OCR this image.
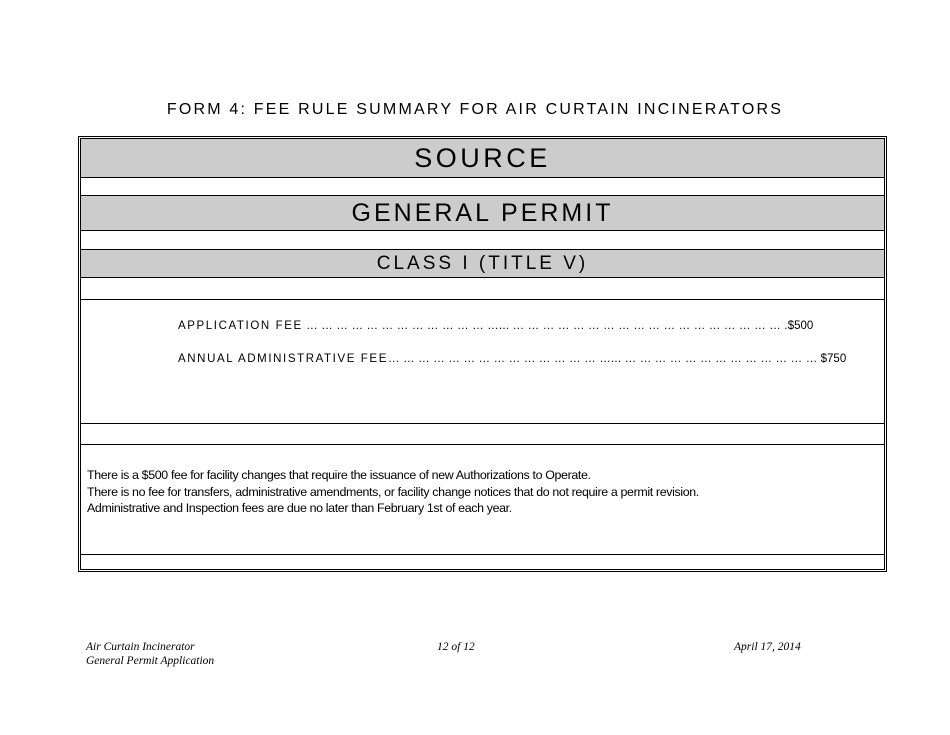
FORM 4: FEE RULE SUMMARY FOR AIR CURTAIN INCINERATORS
SOURCE
GENERAL PERMIT
CLASS I (TITLE V)
APPLICATION FEE … … … … … … … … … … … … …... … … … … … … … … … … … … … … … … … … .$500
ANNUAL ADMINISTRATIVE FEE… … … … … … … … … … … … … … …... … … … … … … … … … … … … … $750
There is a $500 fee for facility changes that require the issuance of new Authorizations to Operate.
There is no fee for transfers, administrative amendments, or facility change notices that do not require a permit revision.
Administrative and Inspection fees are due no later than February 1st of each year.
Air Curtain Incinerator
General Permit Application
12 of 12	April 17, 2014
